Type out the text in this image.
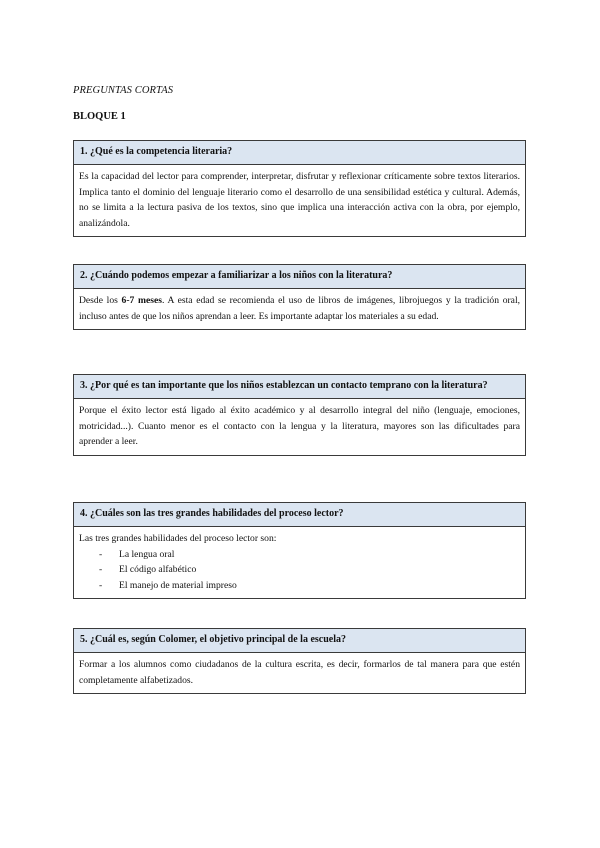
PREGUNTAS CORTAS
BLOQUE 1
1. ¿Qué es la competencia literaria?
Es la capacidad del lector para comprender, interpretar, disfrutar y reflexionar críticamente sobre textos literarios. Implica tanto el dominio del lenguaje literario como el desarrollo de una sensibilidad estética y cultural. Además, no se limita a la lectura pasiva de los textos, sino que implica una interacción activa con la obra, por ejemplo, analizándola.
2. ¿Cuándo podemos empezar a familiarizar a los niños con la literatura?
Desde los 6-7 meses. A esta edad se recomienda el uso de libros de imágenes, librojuegos y la tradición oral, incluso antes de que los niños aprendan a leer. Es importante adaptar los materiales a su edad.
3. ¿Por qué es tan importante que los niños establezcan un contacto temprano con la literatura?
Porque el éxito lector está ligado al éxito académico y al desarrollo integral del niño (lenguaje, emociones, motricidad...). Cuanto menor es el contacto con la lengua y la literatura, mayores son las dificultades para aprender a leer.
4. ¿Cuáles son las tres grandes habilidades del proceso lector?
Las tres grandes habilidades del proceso lector son:
- La lengua oral
- El código alfabético
- El manejo de material impreso
5. ¿Cuál es, según Colomer, el objetivo principal de la escuela?
Formar a los alumnos como ciudadanos de la cultura escrita, es decir, formarlos de tal manera para que estén completamente alfabetizados.
